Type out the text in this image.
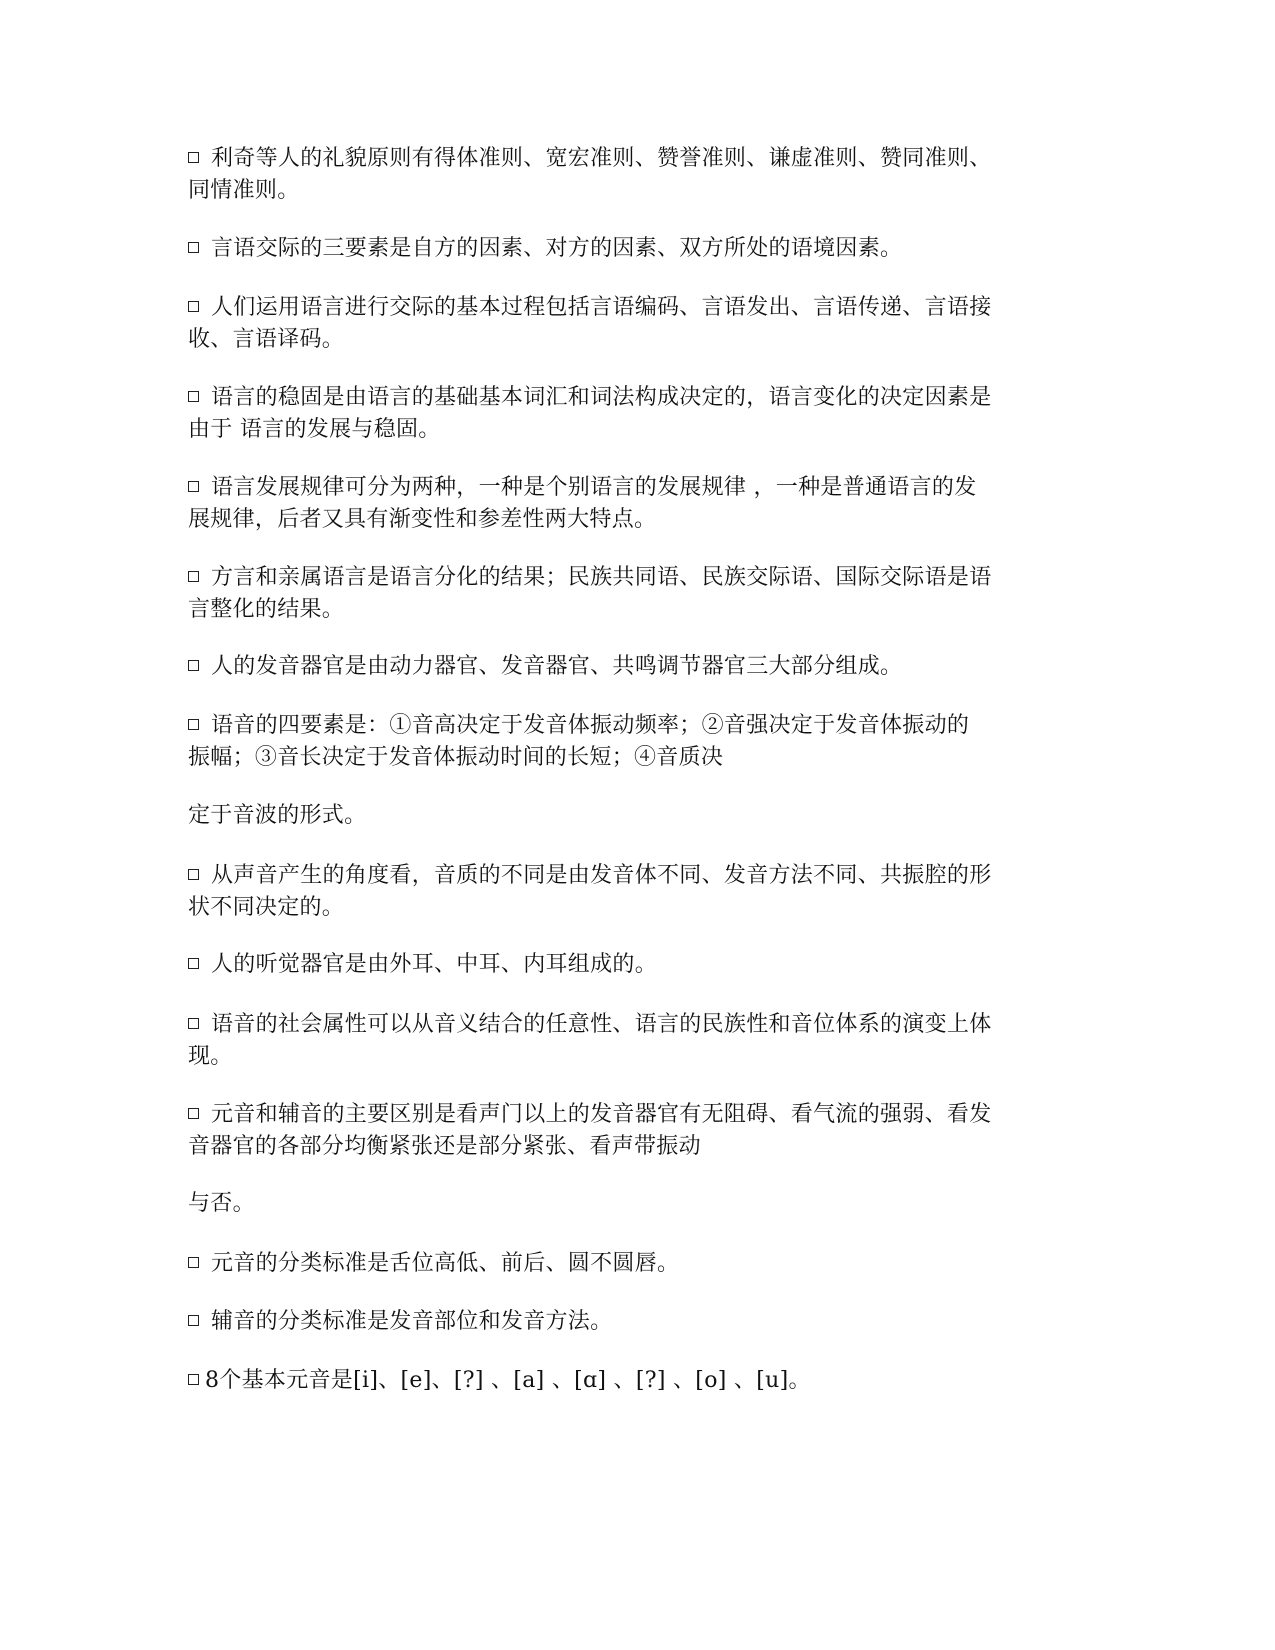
利奇等人的礼貌原则有得体准则、宽宏准则、赞誉准则、谦虚准则、赞同准则、
同情准则。
言语交际的三要素是自方的因素、对方的因素、双方所处的语境因素。
人们运用语言进行交际的基本过程包括言语编码、言语发出、言语传递、言语接
收、言语译码。
语言的稳固是由语言的基础基本词汇和词法构成决定的，语言变化的决定因素是
由于 语言的发展与稳固。
语言发展规律可分为两种，一种是个别语言的发展规律 ，一种是普通语言的发
展规律，后者又具有渐变性和参差性两大特点。
方言和亲属语言是语言分化的结果；民族共同语、民族交际语、国际交际语是语
言整化的结果。
人的发音器官是由动力器官、发音器官、共鸣调节器官三大部分组成。
语音的四要素是：①音高决定于发音体振动频率；②音强决定于发音体振动的
振幅；③音长决定于发音体振动时间的长短；④音质决
定于音波的形式。
从声音产生的角度看，音质的不同是由发音体不同、发音方法不同、共振腔的形
状不同决定的。
人的听觉器官是由外耳、中耳、内耳组成的。
语音的社会属性可以从音义结合的任意性、语言的民族性和音位体系的演变上体
现。
元音和辅音的主要区别是看声门以上的发音器官有无阻碍、看气流的强弱、看发
音器官的各部分均衡紧张还是部分紧张、看声带振动
与否。
元音的分类标准是舌位高低、前后、圆不圆唇。
辅音的分类标准是发音部位和发音方法。
8个基本元音是[i]、[e]、[?] 、[a] 、[ɑ] 、[?] 、[o] 、[u]。
